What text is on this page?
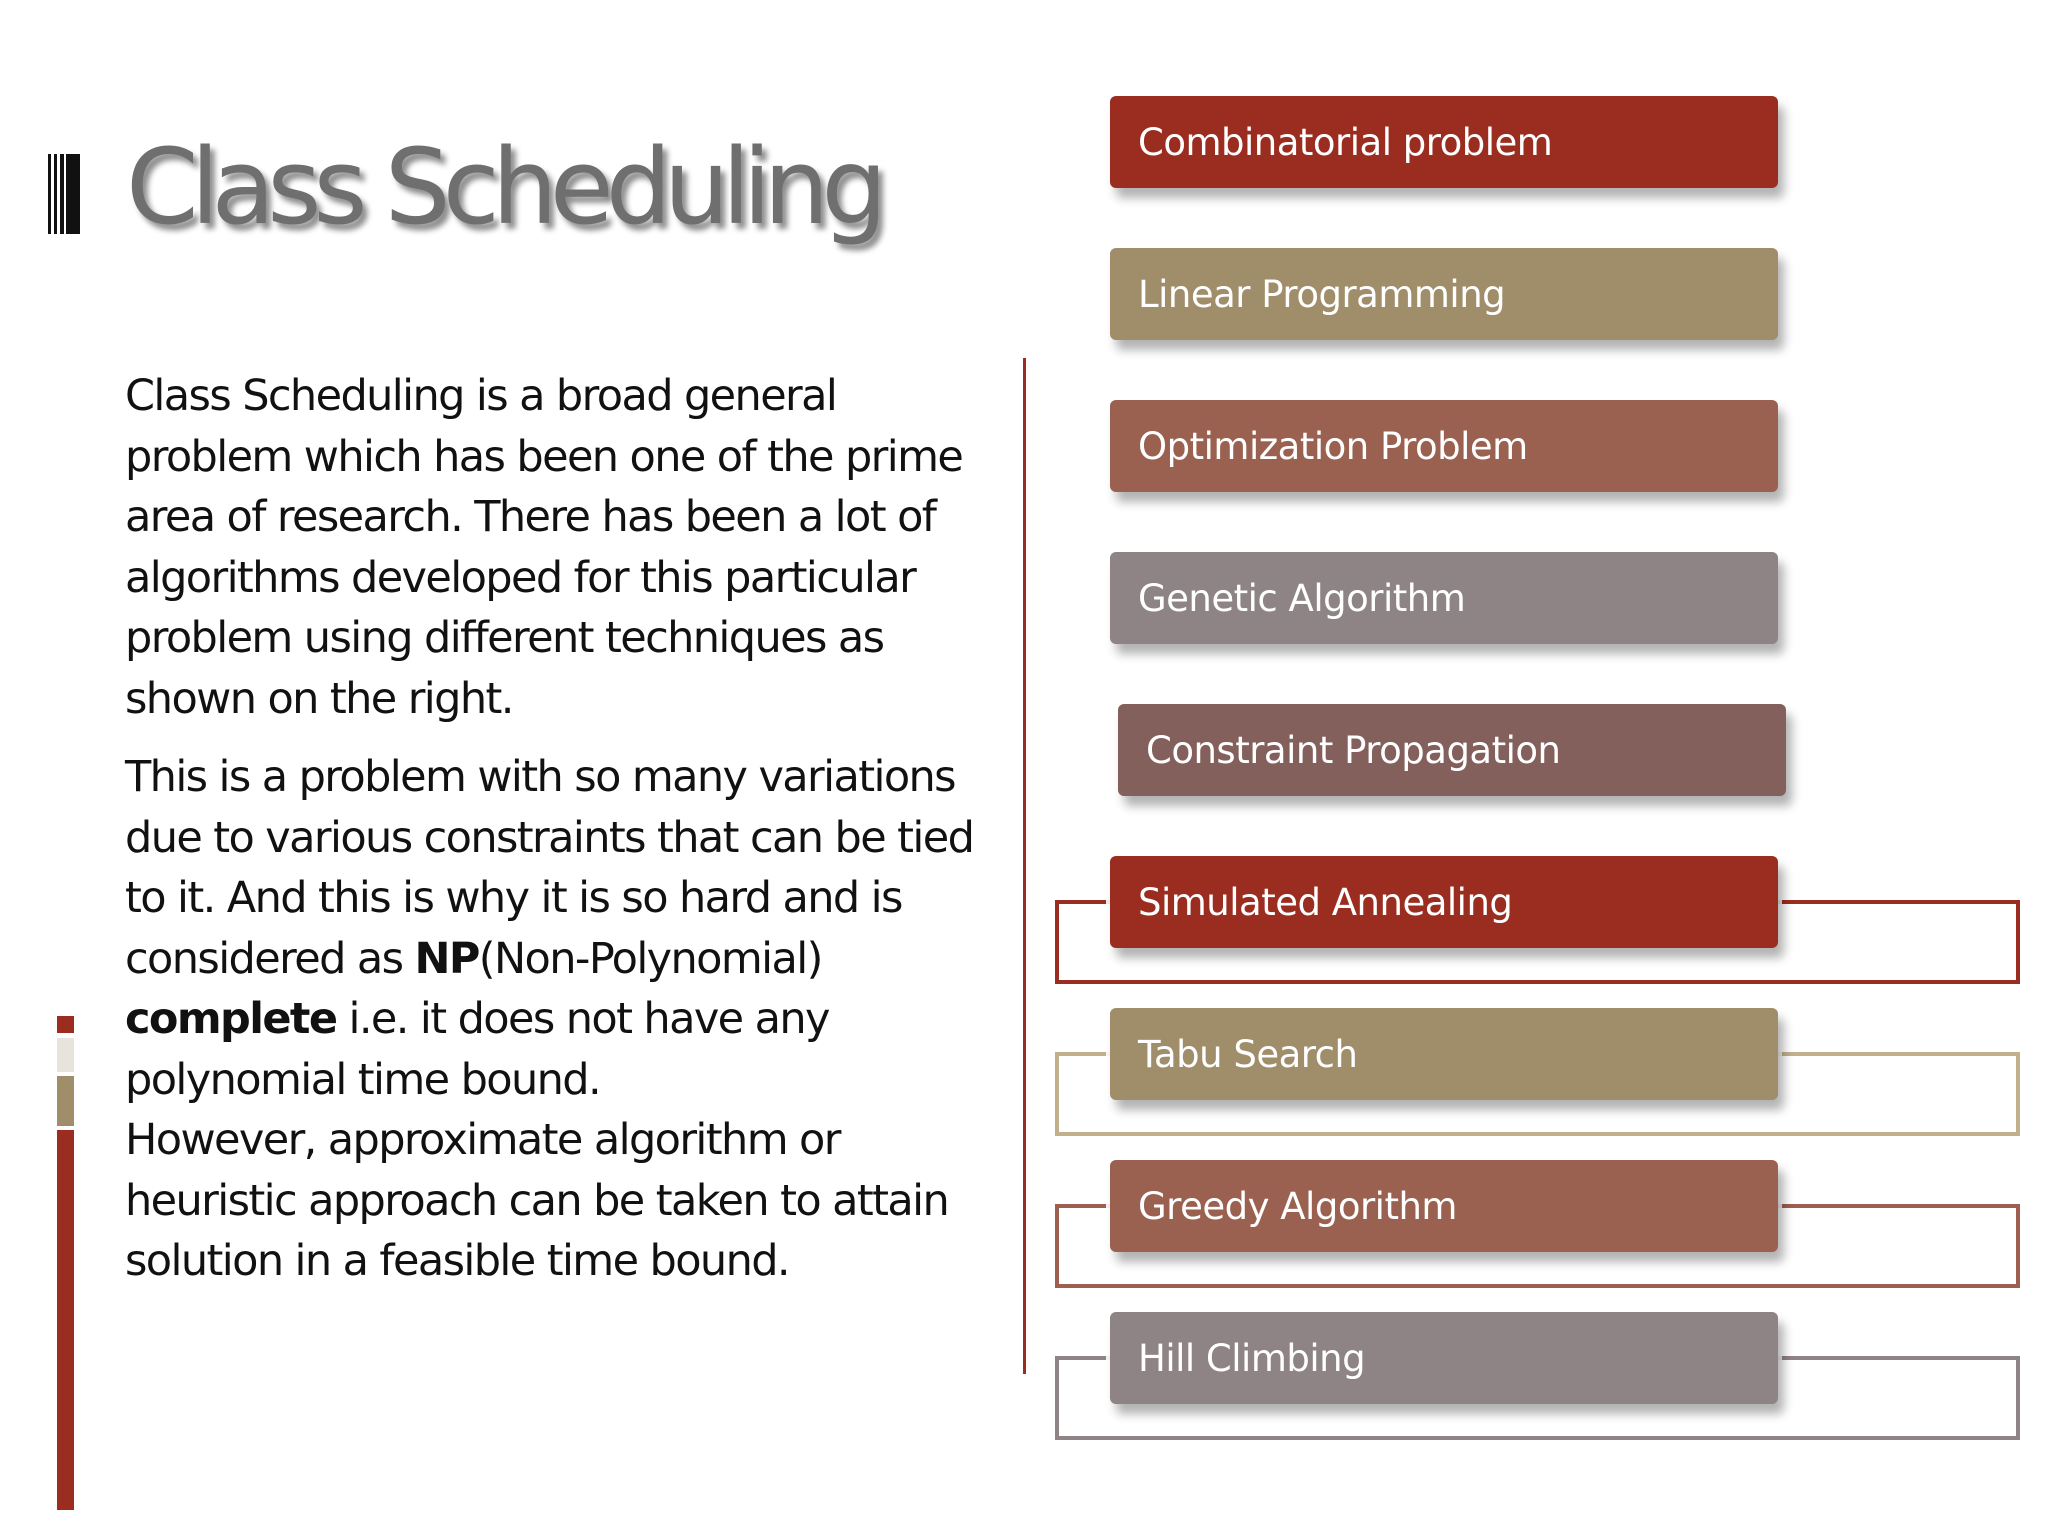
Class Scheduling

Class Scheduling is a broad general
problem which has been one of the prime
area of research. There has been a lot of
algorithms developed for this particular
problem using different techniques as
shown on the right.

This is a problem with so many variations
due to various constraints that can be tied
to it. And this is why it is so hard and is
considered as NP(Non-Polynomial)
complete i.e. it does not have any
polynomial time bound.
However, approximate algorithm or
heuristic approach can be taken to attain
solution in a feasible time bound.

Combinatorial problem
Linear Programming
Optimization Problem
Genetic Algorithm
Constraint Propagation
Simulated Annealing
Tabu Search
Greedy Algorithm
Hill Climbing
